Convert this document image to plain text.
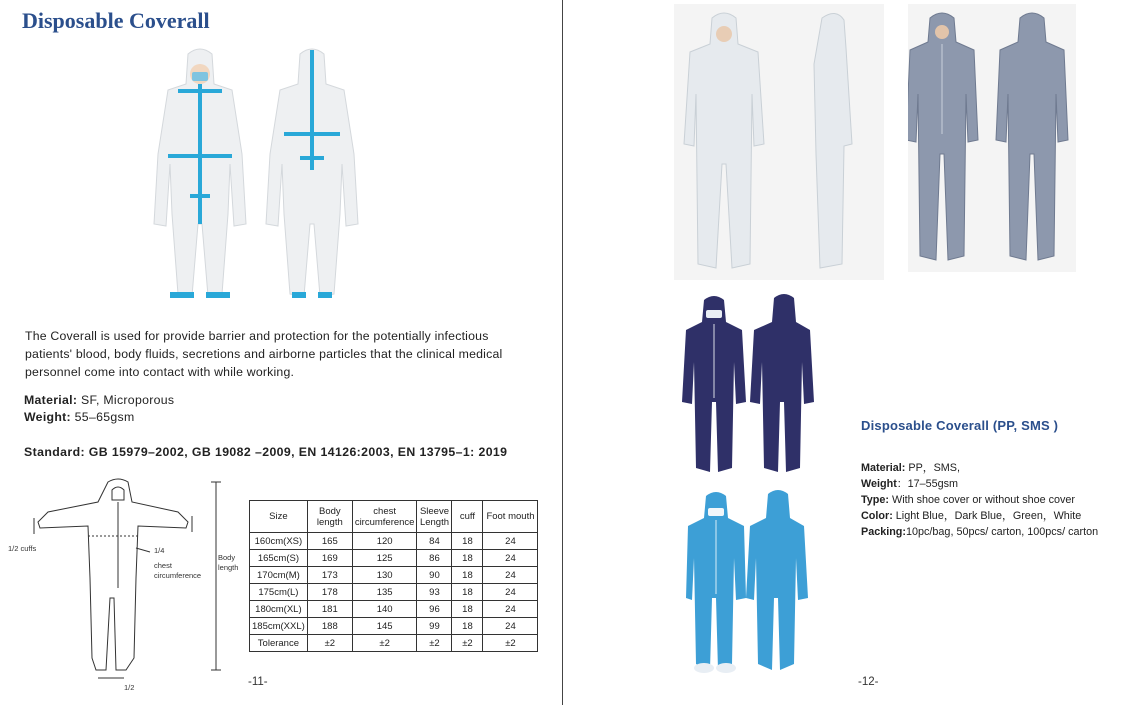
Disposable Coverall
The Coverall is used for provide barrier and protection for the potentially infectious patients' blood, body fluids, secretions and airborne particles that the clinical medical personnel come into contact with while working.
Material: SF, Microporous
Weight: 55–65gsm
Standard: GB 15979–2002, GB 19082 –2009, EN 14126:2003, EN 13795–1: 2019
1/2 cuffs	1/4
chest
circumference
Body
length
1/2
Size	Body length	chest circumference	Sleeve Length	cuff	Foot mouth
160cm(XS)	165	120	84	18	24
165cm(S)	169	125	86	18	24
170cm(M)	173	130	90	18	24
175cm(L)	178	135	93	18	24
180cm(XL)	181	140	96	18	24
185cm(XXL)	188	145	99	18	24
Tolerance	±2	±2	±2	±2	±2
-11-
Disposable Coverall (PP, SMS )
Material: PP，SMS,
Weight：17–55gsm
Type: With shoe cover or without shoe cover
Color: Light Blue，Dark Blue，Green，White
Packing:10pc/bag, 50pcs/ carton, 100pcs/ carton
-12-
